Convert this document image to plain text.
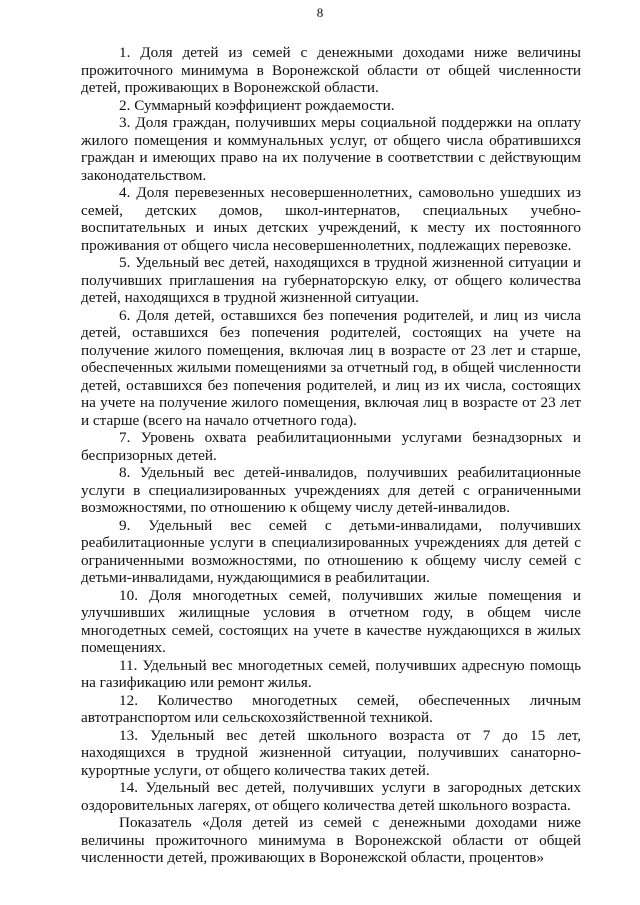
8

1. Доля детей из семей с денежными доходами ниже величины прожиточного минимума в Воронежской области от общей численности детей, проживающих в Воронежской области.

2. Суммарный коэффициент рождаемости.

3. Доля граждан, получивших меры социальной поддержки на оплату жилого помещения и коммунальных услуг, от общего числа обратившихся граждан и имеющих право на их получение в соответствии с действующим законодательством.

4. Доля перевезенных несовершеннолетних, самовольно ушедших из семей, детских домов, школ-интернатов, специальных учебно-воспитательных и иных детских учреждений, к месту их постоянного проживания от общего числа несовершеннолетних, подлежащих перевозке.

5. Удельный вес детей, находящихся в трудной жизненной ситуации и получивших приглашения на губернаторскую елку, от общего количества детей, находящихся в трудной жизненной ситуации.

6. Доля детей, оставшихся без попечения родителей, и лиц из числа детей, оставшихся без попечения родителей, состоящих на учете на получение жилого помещения, включая лиц в возрасте от 23 лет и старше, обеспеченных жилыми помещениями за отчетный год, в общей численности детей, оставшихся без попечения родителей, и лиц из их числа, состоящих на учете на получение жилого помещения, включая лиц в возрасте от 23 лет и старше (всего на начало отчетного года).

7. Уровень охвата реабилитационными услугами безнадзорных и беспризорных детей.

8. Удельный вес детей-инвалидов, получивших реабилитационные услуги в специализированных учреждениях для детей с ограниченными возможностями, по отношению к общему числу детей-инвалидов.

9. Удельный вес семей с детьми-инвалидами, получивших реабилитационные услуги в специализированных учреждениях для детей с ограниченными возможностями, по отношению к общему числу семей с детьми-инвалидами, нуждающимися в реабилитации.

10. Доля многодетных семей, получивших жилые помещения и улучшивших жилищные условия в отчетном году, в общем числе многодетных семей, состоящих на учете в качестве нуждающихся в жилых помещениях.

11. Удельный вес многодетных семей, получивших адресную помощь на газификацию или ремонт жилья.

12. Количество многодетных семей, обеспеченных личным автотранспортом или сельскохозяйственной техникой.

13. Удельный вес детей школьного возраста от 7 до 15 лет, находящихся в трудной жизненной ситуации, получивших санаторно-курортные услуги, от общего количества таких детей.

14. Удельный вес детей, получивших услуги в загородных детских оздоровительных лагерях, от общего количества детей школьного возраста.

Показатель «Доля детей из семей с денежными доходами ниже величины прожиточного минимума в Воронежской области от общей численности детей, проживающих в Воронежской области, процентов»
